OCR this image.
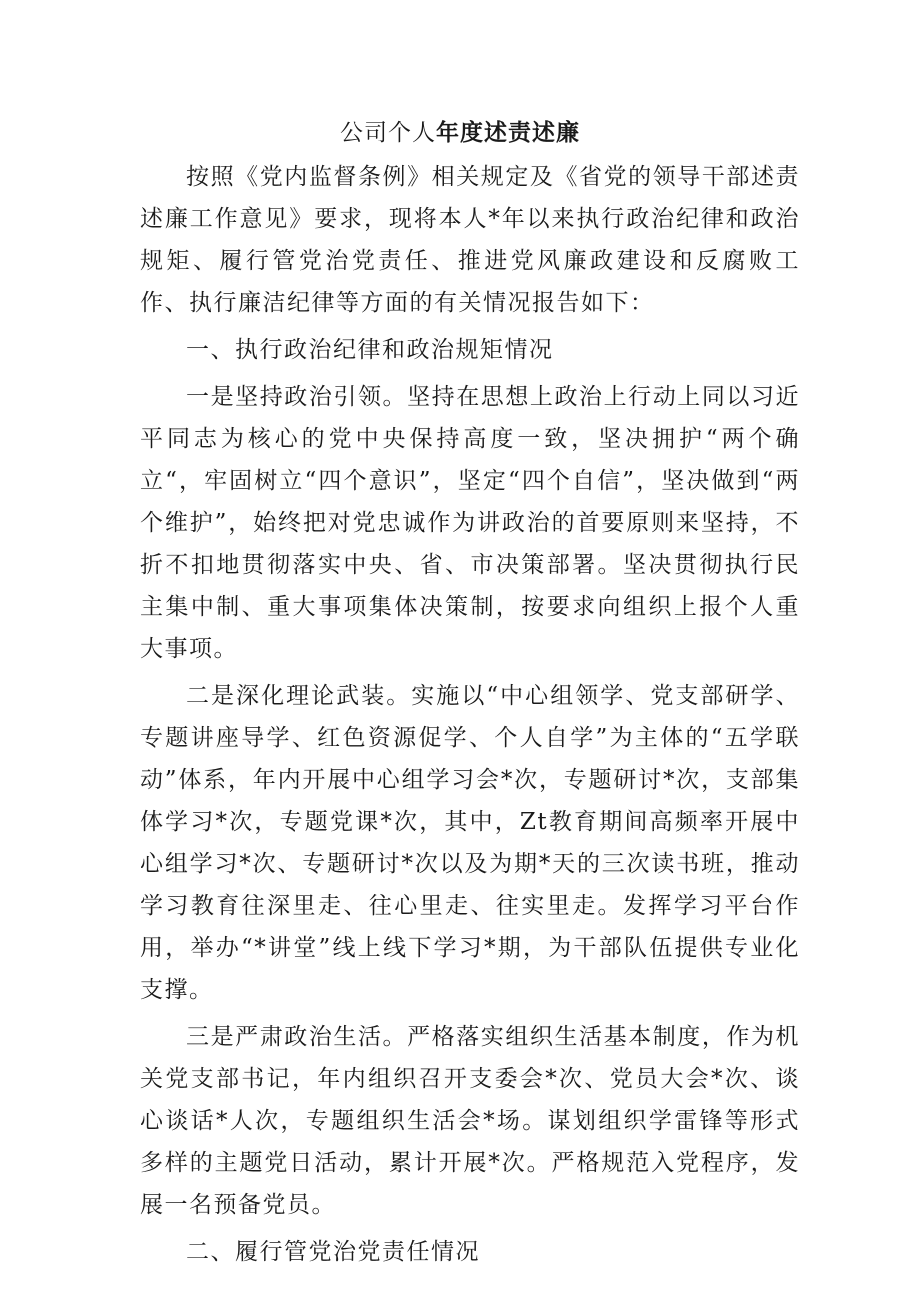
公司个人年度述责述廉

按照《党内监督条例》相关规定及《省党的领导干部述责述廉工作意见》要求，现将本人*年以来执行政治纪律和政治规矩、履行管党治党责任、推进党风廉政建设和反腐败工作、执行廉洁纪律等方面的有关情况报告如下：

一、执行政治纪律和政治规矩情况

一是坚持政治引领。坚持在思想上政治上行动上同以习近平同志为核心的党中央保持高度一致，坚决拥护“两个确立“，牢固树立“四个意识”，坚定“四个自信”，坚决做到“两个维护”，始终把对党忠诚作为讲政治的首要原则来坚持，不折不扣地贯彻落实中央、省、市决策部署。坚决贯彻执行民主集中制、重大事项集体决策制，按要求向组织上报个人重大事项。

二是深化理论武装。实施以“中心组领学、党支部研学、专题讲座导学、红色资源促学、个人自学”为主体的“五学联动”体系，年内开展中心组学习会*次，专题研讨*次，支部集体学习*次，专题党课*次，其中，Zt教育期间高频率开展中心组学习*次、专题研讨*次以及为期*天的三次读书班，推动学习教育往深里走、往心里走、往实里走。发挥学习平台作用，举办“*讲堂”线上线下学习*期，为干部队伍提供专业化支撑。

三是严肃政治生活。严格落实组织生活基本制度，作为机关党支部书记，年内组织召开支委会*次、党员大会*次、谈心谈话*人次，专题组织生活会*场。谋划组织学雷锋等形式多样的主题党日活动，累计开展*次。严格规范入党程序，发展一名预备党员。

二、履行管党治党责任情况
